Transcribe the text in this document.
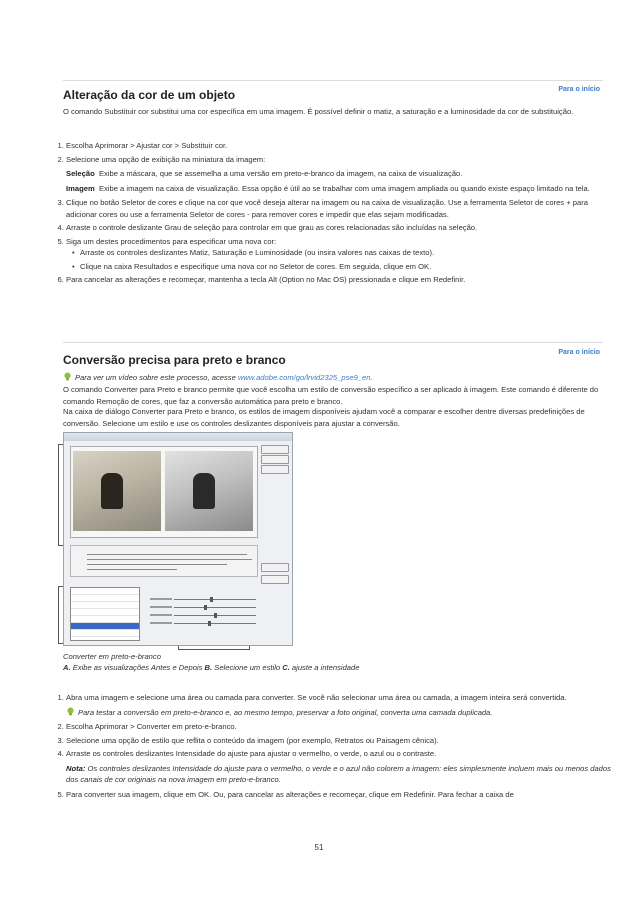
Para o início
Alteração da cor de um objeto

O comando Substituir cor substitui uma cor específica em uma imagem. É possível definir o matiz, a saturação e a luminosidade da cor de substituição.

1. Escolha Aprimorar > Ajustar cor > Substituir cor.
2. Selecione uma opção de exibição na miniatura da imagem:
Seleção Exibe a máscara, que se assemelha a uma versão em preto-e-branco da imagem, na caixa de visualização.
Imagem Exibe a imagem na caixa de visualização. Essa opção é útil ao se trabalhar com uma imagem ampliada ou quando existe espaço limitado na tela.
3. Clique no botão Seletor de cores e clique na cor que você deseja alterar na imagem ou na caixa de visualização. Use a ferramenta Seletor de cores + para adicionar cores ou use a ferramenta Seletor de cores - para remover cores e impedir que elas sejam modificadas.
4. Arraste o controle deslizante Grau de seleção para controlar em que grau as cores relacionadas são incluídas na seleção.
5. Siga um destes procedimentos para especificar uma nova cor:
• Arraste os controles deslizantes Matiz, Saturação e Luminosidade (ou insira valores nas caixas de texto).
• Clique na caixa Resultados e especifique uma nova cor no Seletor de cores. Em seguida, clique em OK.
6. Para cancelar as alterações e recomeçar, mantenha a tecla Alt (Option no Mac OS) pressionada e clique em Redefinir.
Para o início
Conversão precisa para preto e branco

Para ver um vídeo sobre este processo, acesse www.adobe.com/go/lrvid2325_pse9_en.

O comando Converter para Preto e branco permite que você escolha um estilo de conversão específico a ser aplicado à imagem. Este comando é diferente do comando Remoção de cores, que faz a conversão automática para preto e branco.

Na caixa de diálogo Converter para Preto e branco, os estilos de imagem disponíveis ajudam você a comparar e escolher dentre diversas predefinições de conversão. Selecione um estilo e use os controles deslizantes disponíveis para ajustar a conversão.

Converter em preto-e-branco
A. Exibe as visualizações Antes e Depois B. Selecione um estilo C. ajuste a intensidade
1. Abra uma imagem e selecione uma área ou camada para converter. Se você não selecionar uma área ou camada, a imagem inteira será convertida.
Para testar a conversão em preto-e-branco e, ao mesmo tempo, preservar a foto original, converta uma camada duplicada.
2. Escolha Aprimorar > Converter em preto-e-branco.
3. Selecione uma opção de estilo que reflita o conteúdo da imagem (por exemplo, Retratos ou Paisagem cênica).
4. Arraste os controles deslizantes Intensidade do ajuste para ajustar o vermelho, o verde, o azul ou o contraste.
Nota: Os controles deslizantes Intensidade do ajuste para o vermelho, o verde e o azul não colorem a imagem: eles simplesmente incluem mais ou menos dados dos canais de cor originais na nova imagem em preto-e-branco.
5. Para converter sua imagem, clique em OK. Ou, para cancelar as alterações e recomeçar, clique em Redefinir. Para fechar a caixa de
51
